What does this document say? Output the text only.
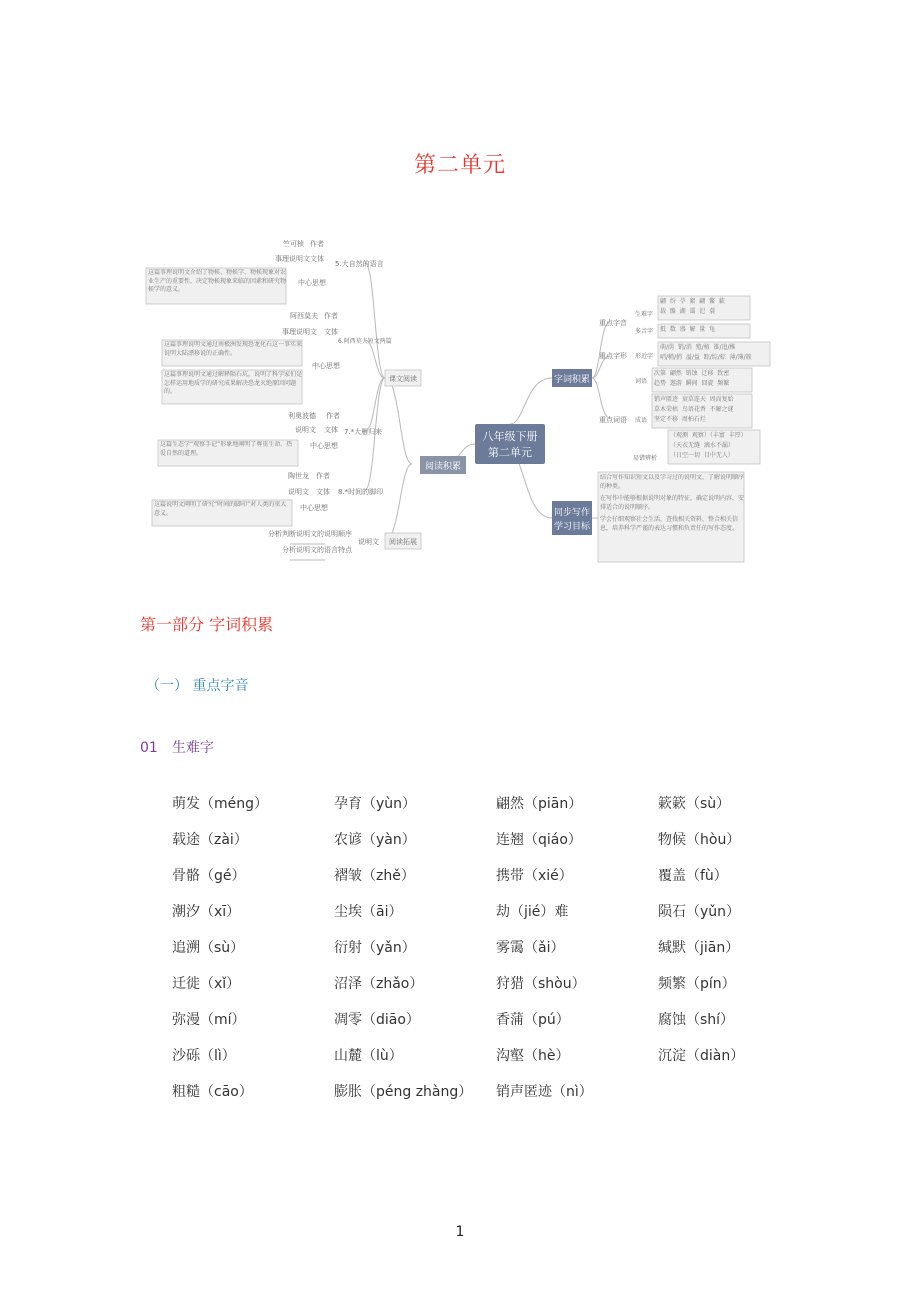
第二单元
八年级下册
第二单元
阅读积累
课文阅读
阅读拓展
5.大自然的语言
竺可桢 作者
事理说明文 文体
这篇事理说明文介绍了物候、物候学、物候现象对农业生产的重要性，决定物候现象来临的因素和研究物候学的意义。
中心思想
6.阿西莫夫短文两篇
阿西莫夫 作者
事理说明文 文体
这篇事理说明文通过南极洲发现恐龙化石这一事实来说明大陆漂移说的正确性。
中心思想
这篇事理说明文通过解释陨石坑，说明了科学家们是怎样运用地质学的研究成果解决恐龙灭绝原因问题的。
7.*大雁归来
利奥波德 作者
说明文 文体
这篇生态学“观察手记”形象地阐明了尊重生命、热爱自然的道理。
中心思想
8.*时间的脚印
陶世龙 作者
说明文 文体
这篇说明文阐明了研究“时间的脚印”对人类的重大意义。
中心思想
说明文
分析判断说明文的说明顺序
分析说明文的语言特点
字词积累
同步写作
学习目标
重点字音
生难字
翩  纷  孕  絮  翩  鳖  簌
载  骼  湖  霭  汜  蓑
多音字 抵  数  盛  解  量  龟
重点字形 形近字
萌/荫  销/消  殖/植  锥/追/椎
哨/稍/捎  溢/益  踪/综/棕  薄/簿/簇
重点词语
词语
次第  翩然  销蚀  迁移  致密
趋势  遨游  瞬间  回旋  频繁
成语
销声匿迹  衰草连天  周而复始
草木荣枯  鸟语花香  不解之谜
坚定不移  周柏石烂
易错辨析
（观测  观察）（丰富  丰厚）
（天衣无缝  滴水不漏）
（日空一切  目中无人）
结合写作知识短文以及学习过的说明文，了解说明顺序的种类。
在写作中能够根据说明对象的特征，确定说明内容，安排适合的说明顺序。
学会仔细观察社会生活，查找相关资料，整合相关信息，培养科学严谨的表达习惯和负责任的写作态度。
第一部分 字词积累
（一） 重点字音
01 生难字
萌发（méng）	孕育（yùn）	翩然（piān）	簌簌（sù）
载途（zài）	农谚（yàn）	连翘（qiáo）	物候（hòu）
骨骼（gé）	褶皱（zhě）	携带（xié）	覆盖（fù）
潮汐（xī）	尘埃（āi）	劫（jié）难	陨石（yǔn）
追溯（sù）	衍射（yǎn）	雾霭（ǎi）	缄默（jiān）
迁徙（xǐ）	沼泽（zhǎo）	狩猎（shòu）	频繁（pín）
弥漫（mí）	凋零（diāo）	香蒲（pú）	腐蚀（shí）
沙砾（lì）	山麓（lù）	沟壑（hè）	沉淀（diàn）
粗糙（cāo）	膨胀（péng zhàng）	销声匿迹（nì）
1
